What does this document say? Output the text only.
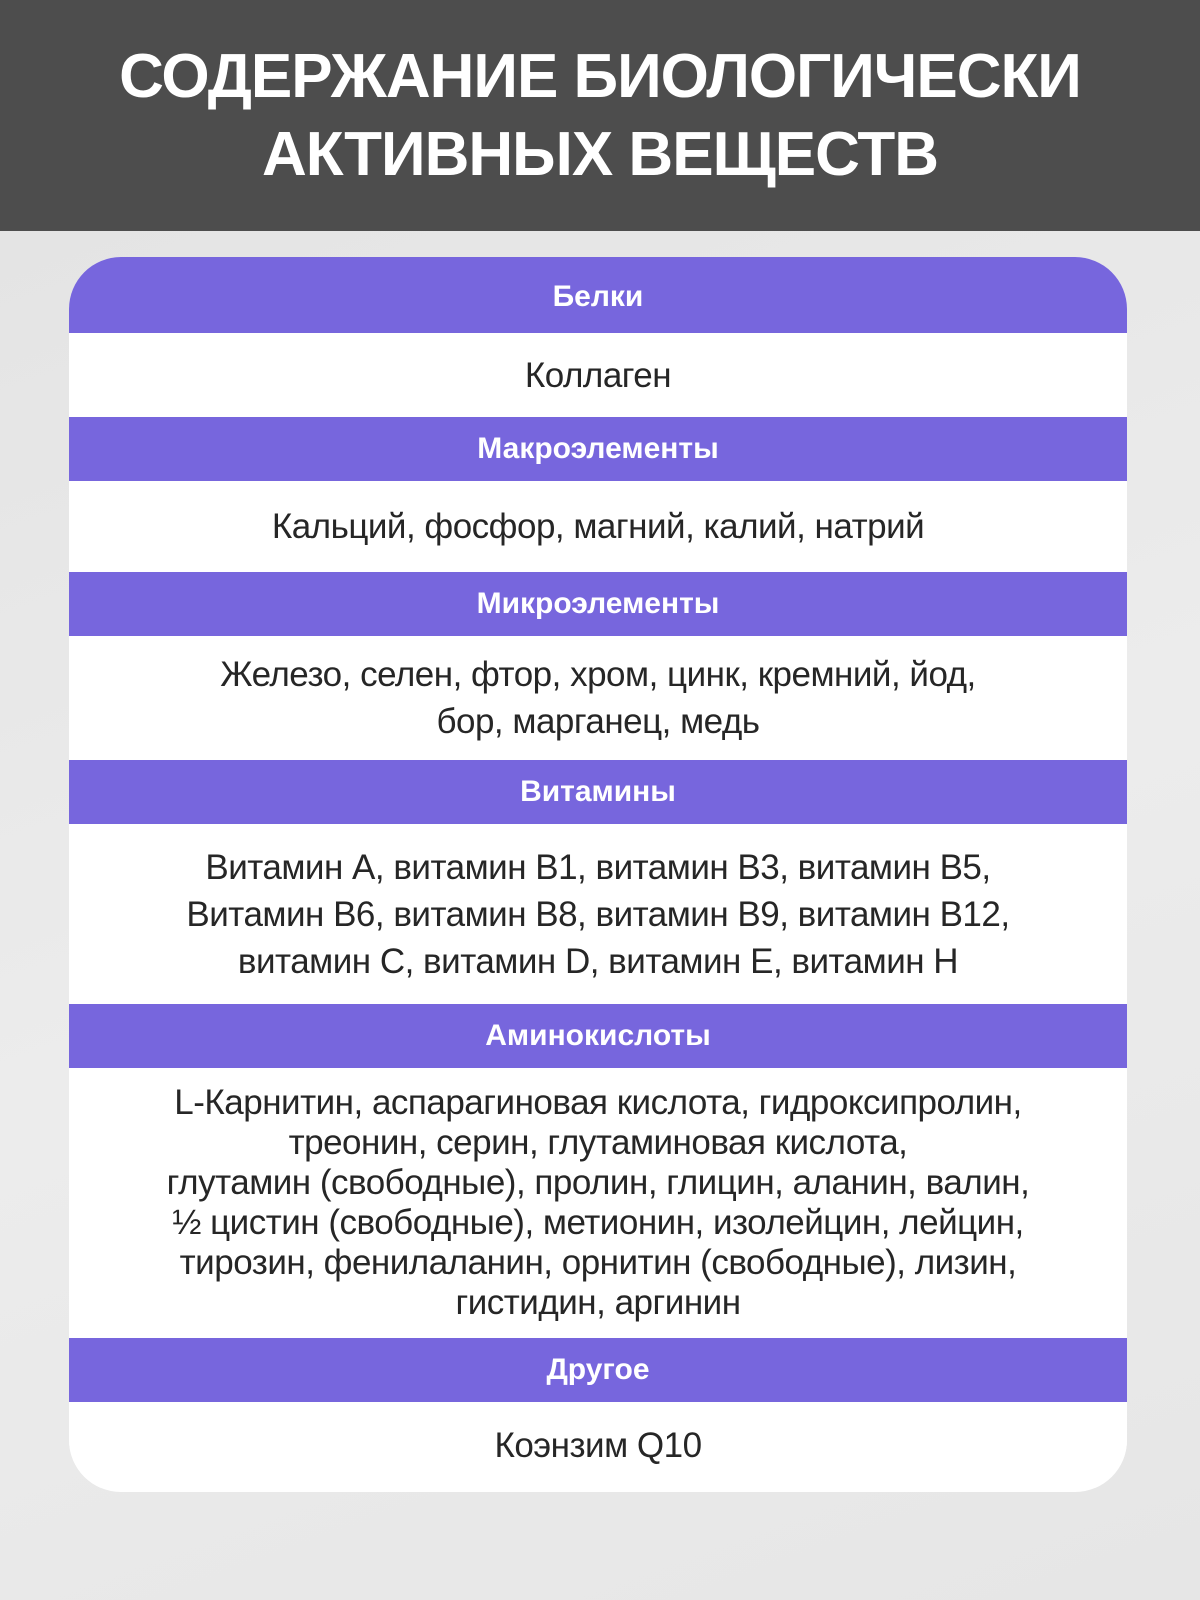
СОДЕРЖАНИЕ БИОЛОГИЧЕСКИ
АКТИВНЫХ ВЕЩЕСТВ
Белки
Коллаген
Макроэлементы
Кальций, фосфор, магний, калий, натрий
Микроэлементы
Железо, селен, фтор, хром, цинк, кремний, йод,
бор, марганец, медь
Витамины
Витамин A, витамин B1, витамин B3, витамин B5,
Витамин B6, витамин B8, витамин B9, витамин B12,
витамин C, витамин D, витамин E, витамин H
Аминокислоты
L-Карнитин, аспарагиновая кислота, гидроксипролин,
треонин, серин, глутаминовая кислота,
глутамин (свободные), пролин, глицин, аланин, валин,
½ цистин (свободные), метионин, изолейцин, лейцин,
тирозин, фенилаланин, орнитин (свободные), лизин,
гистидин, аргинин
Другое
Коэнзим Q10
